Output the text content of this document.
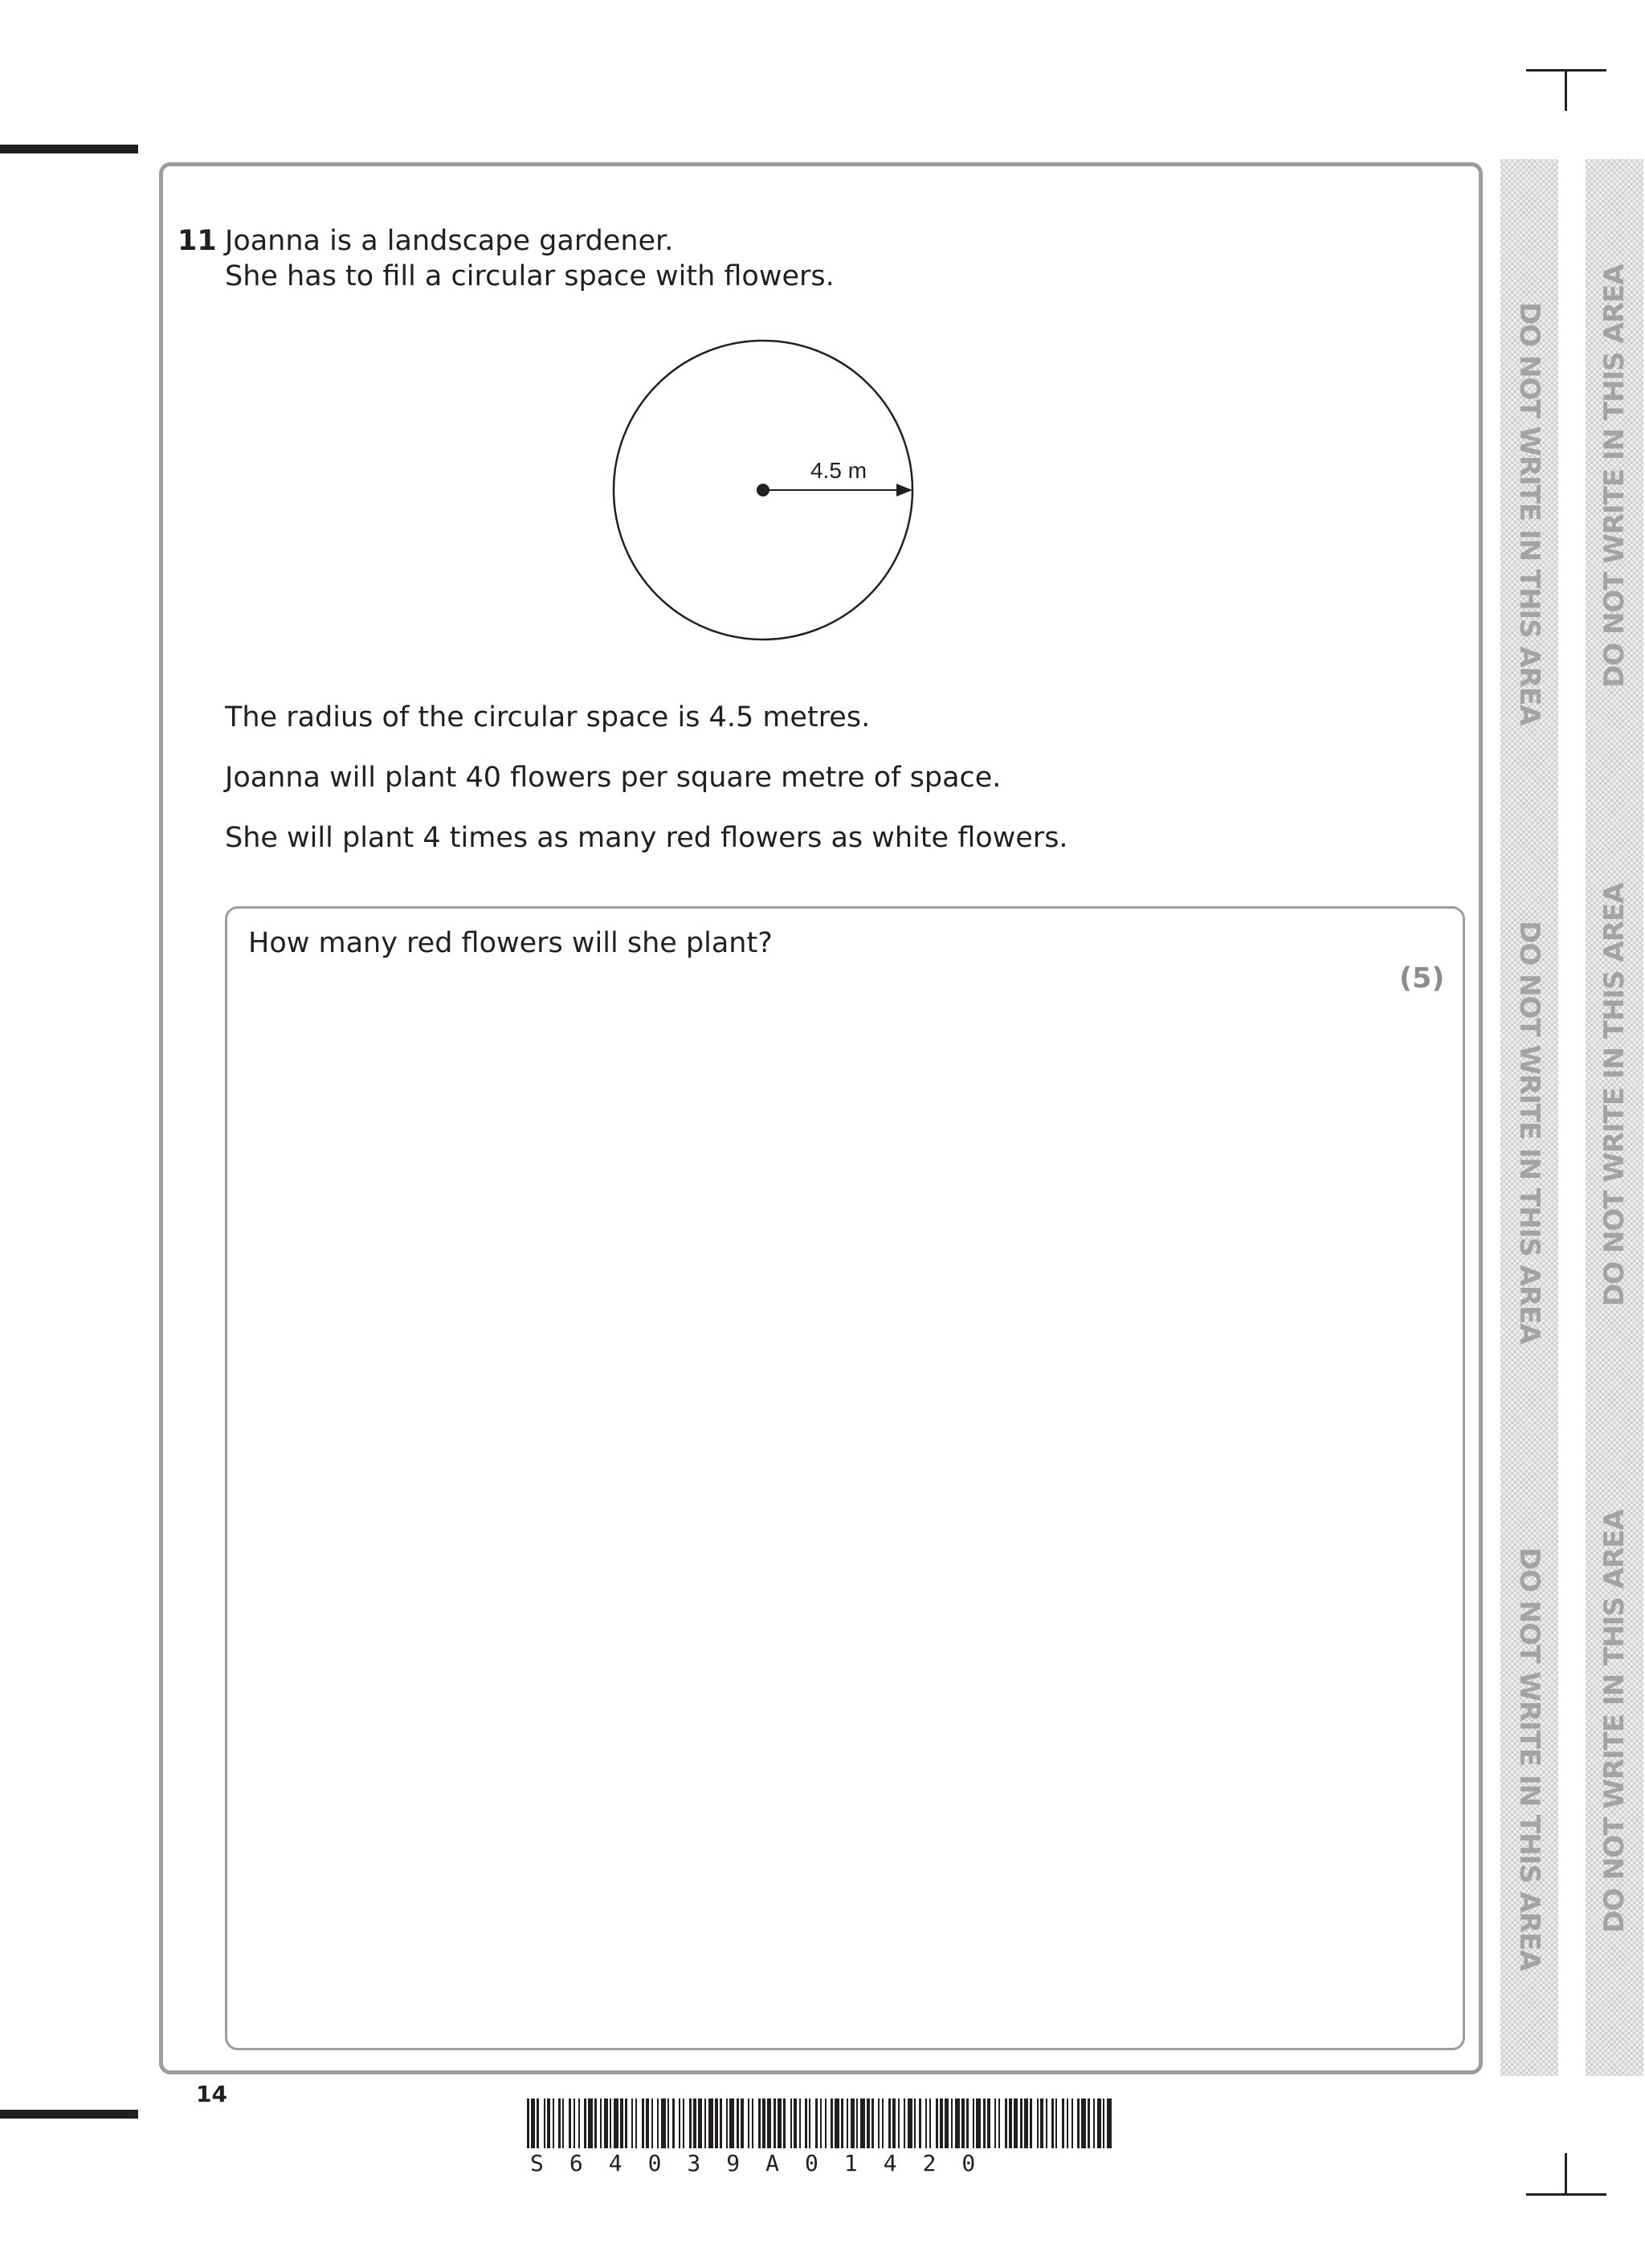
DO NOT WRITE IN THIS AREA
DO NOT WRITE IN THIS AREA
DO NOT WRITE IN THIS AREA
DO NOT WRITE IN THIS AREA
DO NOT WRITE IN THIS AREA
DO NOT WRITE IN THIS AREA
11 Joanna is a landscape gardener.
She has to fill a circular space with flowers.
4.5 m
The radius of the circular space is 4.5 metres.
Joanna will plant 40 flowers per square metre of space.
She will plant 4 times as many red flowers as white flowers.
How many red flowers will she plant?
(5)
14
S64039A01420
